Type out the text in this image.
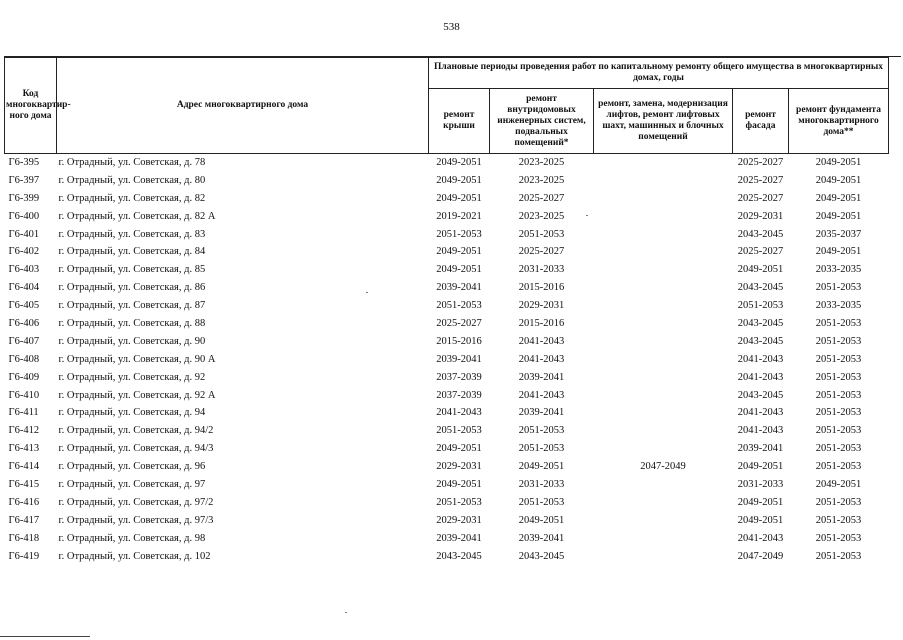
538
Код многоквартир-ного дома	Адрес многоквартирного дома	Плановые периоды проведения работ по капитальному ремонту общего имущества в многоквартирных домах, годы				
		ремонт крыши	ремонт внутридомовых инженерных систем, подвальных помещений*	ремонт, замена, модернизация лифтов, ремонт лифтовых шахт, машинных и блочных помещений	ремонт фасада	ремонт фундамента многоквартирного дома**
Г6-395	г. Отрадный, ул. Советская, д. 78	2049-2051	2023-2025		2025-2027	2049-2051
Г6-397	г. Отрадный, ул. Советская, д. 80	2049-2051	2023-2025		2025-2027	2049-2051
Г6-399	г. Отрадный, ул. Советская, д. 82	2049-2051	2025-2027		2025-2027	2049-2051
Г6-400	г. Отрадный, ул. Советская, д. 82 А	2019-2021	2023-2025		2029-2031	2049-2051
Г6-401	г. Отрадный, ул. Советская, д. 83	2051-2053	2051-2053		2043-2045	2035-2037
Г6-402	г. Отрадный, ул. Советская, д. 84	2049-2051	2025-2027		2025-2027	2049-2051
Г6-403	г. Отрадный, ул. Советская, д. 85	2049-2051	2031-2033		2049-2051	2033-2035
Г6-404	г. Отрадный, ул. Советская, д. 86	2039-2041	2015-2016		2043-2045	2051-2053
Г6-405	г. Отрадный, ул. Советская, д. 87	2051-2053	2029-2031		2051-2053	2033-2035
Г6-406	г. Отрадный, ул. Советская, д. 88	2025-2027	2015-2016		2043-2045	2051-2053
Г6-407	г. Отрадный, ул. Советская, д. 90	2015-2016	2041-2043		2043-2045	2051-2053
Г6-408	г. Отрадный, ул. Советская, д. 90 А	2039-2041	2041-2043		2041-2043	2051-2053
Г6-409	г. Отрадный, ул. Советская, д. 92	2037-2039	2039-2041		2041-2043	2051-2053
Г6-410	г. Отрадный, ул. Советская, д. 92 А	2037-2039	2041-2043		2043-2045	2051-2053
Г6-411	г. Отрадный, ул. Советская, д. 94	2041-2043	2039-2041		2041-2043	2051-2053
Г6-412	г. Отрадный, ул. Советская, д. 94/2	2051-2053	2051-2053		2041-2043	2051-2053
Г6-413	г. Отрадный, ул. Советская, д. 94/3	2049-2051	2051-2053		2039-2041	2051-2053
Г6-414	г. Отрадный, ул. Советская, д. 96	2029-2031	2049-2051	2047-2049	2049-2051	2051-2053
Г6-415	г. Отрадный, ул. Советская, д. 97	2049-2051	2031-2033		2031-2033	2049-2051
Г6-416	г. Отрадный, ул. Советская, д. 97/2	2051-2053	2051-2053		2049-2051	2051-2053
Г6-417	г. Отрадный, ул. Советская, д. 97/3	2029-2031	2049-2051		2049-2051	2051-2053
Г6-418	г. Отрадный, ул. Советская, д. 98	2039-2041	2039-2041		2041-2043	2051-2053
Г6-419	г. Отрадный, ул. Советская, д. 102	2043-2045	2043-2045		2047-2049	2051-2053
